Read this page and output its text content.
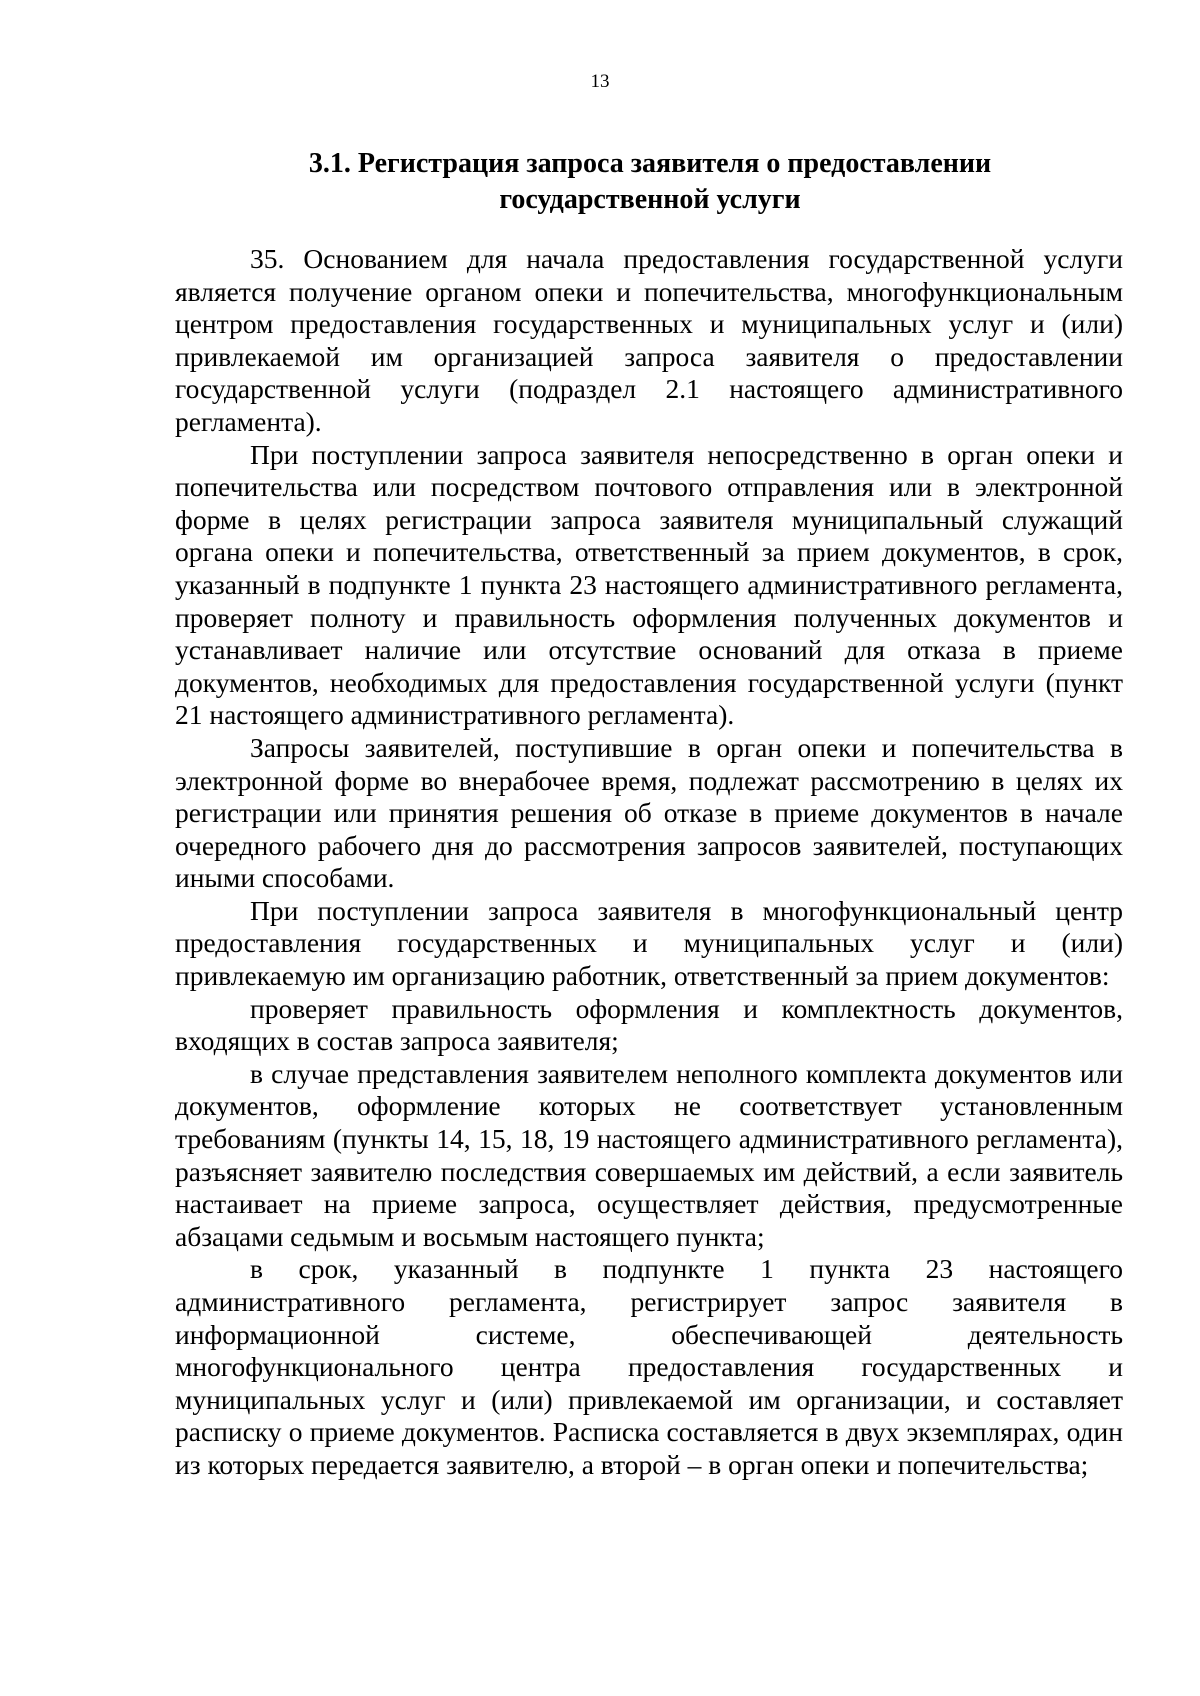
13
3.1. Регистрация запроса заявителя о предоставлении
государственной услуги

35. Основанием для начала предоставления государственной услуги является получение органом опеки и попечительства, многофункциональным центром предоставления государственных и муниципальных услуг и (или) привлекаемой им организацией запроса заявителя о предоставлении государственной услуги (подраздел 2.1 настоящего административного регламента).

При поступлении запроса заявителя непосредственно в орган опеки и попечительства или посредством почтового отправления или в электронной форме в целях регистрации запроса заявителя муниципальный служащий органа опеки и попечительства, ответственный за прием документов, в срок, указанный в подпункте 1 пункта 23 настоящего административного регламента, проверяет полноту и правильность оформления полученных документов и устанавливает наличие или отсутствие оснований для отказа в приеме документов, необходимых для предоставления государственной услуги (пункт 21 настоящего административного регламента).

Запросы заявителей, поступившие в орган опеки и попечительства в электронной форме во внерабочее время, подлежат рассмотрению в целях их регистрации или принятия решения об отказе в приеме документов в начале очередного рабочего дня до рассмотрения запросов заявителей, поступающих иными способами.

При поступлении запроса заявителя в многофункциональный центр предоставления государственных и муниципальных услуг и (или) привлекаемую им организацию работник, ответственный за прием документов:

проверяет правильность оформления и комплектность документов, входящих в состав запроса заявителя;

в случае представления заявителем неполного комплекта документов или документов, оформление которых не соответствует установленным требованиям (пункты 14, 15, 18, 19 настоящего административного регламента), разъясняет заявителю последствия совершаемых им действий, а если заявитель настаивает на приеме запроса, осуществляет действия, предусмотренные абзацами седьмым и восьмым настоящего пункта;

в срок, указанный в подпункте 1 пункта 23 настоящего административного регламента, регистрирует запрос заявителя в информационной системе, обеспечивающей деятельность многофункционального центра предоставления государственных и муниципальных услуг и (или) привлекаемой им организации, и составляет расписку о приеме документов. Расписка составляется в двух экземплярах, один из которых передается заявителю, а второй – в орган опеки и попечительства;
